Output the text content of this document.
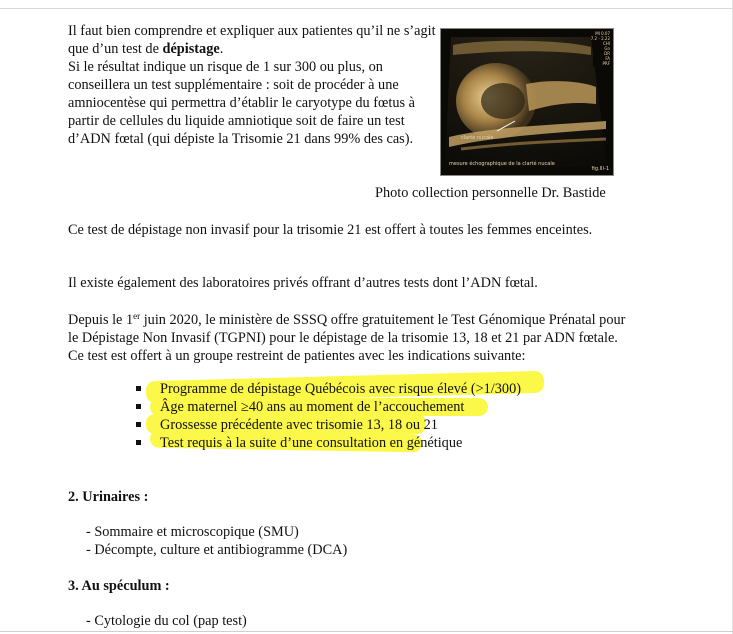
Il faut bien comprendre et expliquer aux patientes qu’il ne s’agit que d’un test de dépistage.

Si le résultat indique un risque de 1 sur 300 ou plus, on conseillera un test supplémentaire : soit de procéder à une amniocentèse qui permettra d’établir le caryotype du fœtus à partir de cellules du liquide amniotique soit de faire un test d’ADN fœtal (qui dépiste la Trisomie 21 dans 99% des cas).

MI 0.07
7.2 - 2.22
CHI
Gn
DR
FA
PRF
clarté nucale
mesure échographique de la clarté nucale
fig.III-1
Photo collection personnelle Dr. Bastide

Ce test de dépistage non invasif pour la trisomie 21 est offert à toutes les femmes enceintes.

Il existe également des laboratoires privés offrant d’autres tests dont l’ADN fœtal.

Depuis le 1er juin 2020, le ministère de SSSQ offre gratuitement le Test Génomique Prénatal pour le Dépistage Non Invasif (TGPNI) pour le dépistage de la trisomie 13, 18 et 21 par ADN fœtale. Ce test est offert à un groupe restreint de patientes avec les indications suivante:

Programme de dépistage Québécois avec risque élevé (>1/300)
Âge maternel ≥40 ans au moment de l’accouchement
Grossesse précédente avec trisomie 13, 18 ou 21
Test requis à la suite d’une consultation en génétique

2. Urinaires :

- Sommaire et microscopique (SMU)
- Décompte, culture et antibiogramme (DCA)

3. Au spéculum :

- Cytologie du col (pap test)
